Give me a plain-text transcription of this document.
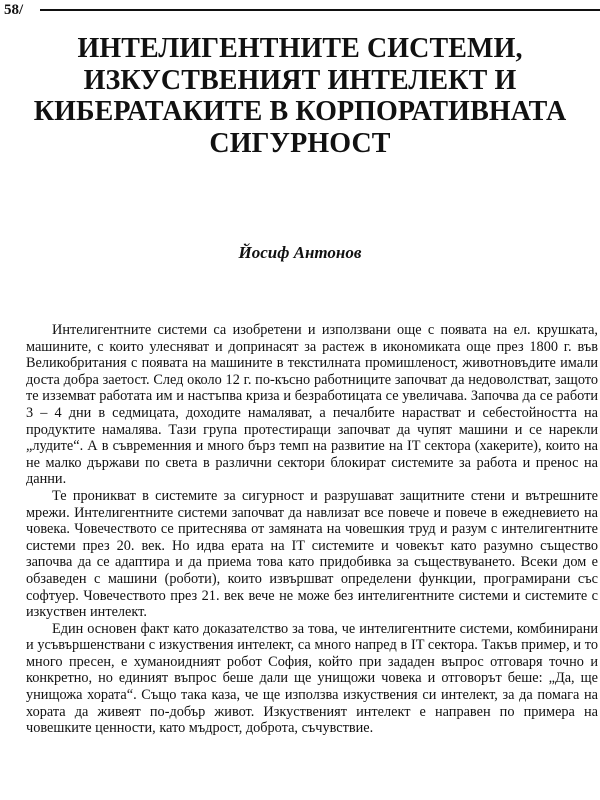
58/
ИНТЕЛИГЕНТНИТЕ СИСТЕМИ,
ИЗКУСТВЕНИЯТ ИНТЕЛЕКТ И
КИБЕРАТАКИТЕ В КОРПОРАТИВНАТА
СИГУРНОСТ
Йосиф Антонов

Интелигентните системи са изобретени и използвани още с появата на ел. крушката, машините, с които улесняват и допринасят за растеж в икономиката още през 1800 г. във Великобритания с появата на машините в текстилната промишленост, животновъдите имали доста добра заетост. След около 12 г. по-късно работниците започват да недоволстват, защото те изземват работата им и настъпва криза и безработицата се увеличава. Започва да се работи 3 – 4 дни в седмицата, доходите намаляват, а печалбите нарастват и себестойността на продуктите намалява. Тази група протестиращи започват да чупят машини и се нарекли „лудите“. А в съвременния и много бърз темп на развитие на IT сектора (хакерите), които на не малко държави по света в различни сектори блокират системите за работа и пренос на данни.

Те проникват в системите за сигурност и разрушават защитните стени и вътрешните мрежи. Интелигентните системи започват да навлизат все повече и повече в ежедневието на човека. Човечеството се притеснява от замяната на човешкия труд и разум с интелигентните системи през 20. век. Но идва ерата на IT системите и човекът като разумно същество започва да се адаптира и да приема това като придобивка за съществуването. Всеки дом е обзаведен с машини (роботи), които извършват определени функции, програмирани със софтуер. Човечеството през 21. век вече не може без интелигентните системи и системите с изкуствен интелект.

Един основен факт като доказателство за това, че интелигентните системи, комбинирани и усъвършенствани с изкуствения интелект, са много напред в IT сектора. Такъв пример, и то много пресен, е хуманоидният робот София, който при зададен въпрос отговаря точно и конкретно, но единият въпрос беше дали ще унищожи човека и отговорът беше: „Да, ще унищожа хората“. Също така каза, че ще използва изкуствения си интелект, за да помага на хората да живеят по-добър живот. Изкуственият интелект е направен по примера на човешките ценности, като мъдрост, доброта, съчувствие.
